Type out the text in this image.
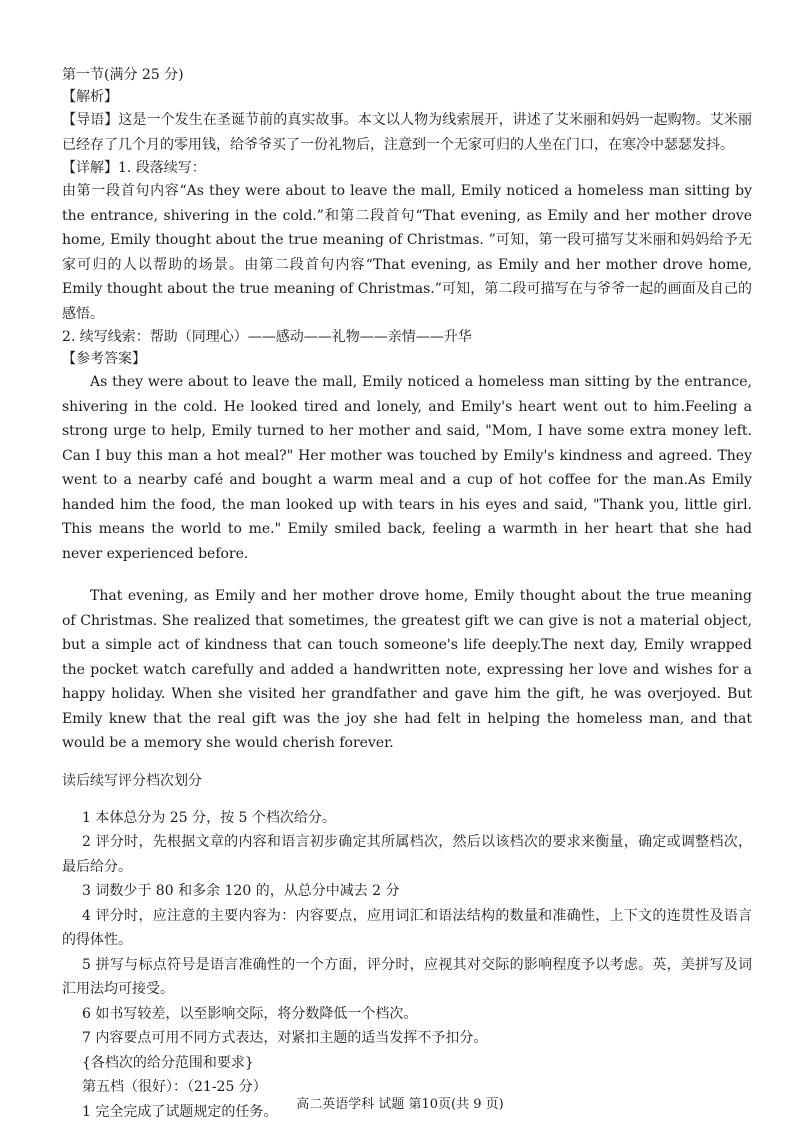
第一节(满分 25 分)

【解析】

【导语】这是一个发生在圣诞节前的真实故事。本文以人物为线索展开，讲述了艾米丽和妈妈一起购物。艾米丽已经存了几个月的零用钱，给爷爷买了一份礼物后，注意到一个无家可归的人坐在门口，在寒冷中瑟瑟发抖。

【详解】1. 段落续写：

由第一段首句内容“As they were about to leave the mall, Emily noticed a homeless man sitting by the entrance, shivering in the cold.”和第二段首句“That evening, as Emily and her mother drove home, Emily thought about the true meaning of Christmas. ”可知，第一段可描写艾米丽和妈妈给予无家可归的人以帮助的场景。由第二段首句内容“That evening, as Emily and her mother drove home, Emily thought about the true meaning of Christmas.”可知，第二段可描写在与爷爷一起的画面及自己的感悟。

2. 续写线索：帮助（同理心）——感动——礼物——亲情——升华

【参考答案】

As they were about to leave the mall, Emily noticed a homeless man sitting by the entrance, shivering in the cold. He looked tired and lonely, and Emily's heart went out to him.Feeling a strong urge to help, Emily turned to her mother and said, "Mom, I have some extra money left. Can I buy this man a hot meal?" Her mother was touched by Emily's kindness and agreed. They went to a nearby café and bought a warm meal and a cup of hot coffee for the man.As Emily handed him the food, the man looked up with tears in his eyes and said, "Thank you, little girl. This means the world to me." Emily smiled back, feeling a warmth in her heart that she had never experienced before.

That evening, as Emily and her mother drove home, Emily thought about the true meaning of Christmas. She realized that sometimes, the greatest gift we can give is not a material object, but a simple act of kindness that can touch someone's life deeply.The next day, Emily wrapped the pocket watch carefully and added a handwritten note, expressing her love and wishes for a happy holiday. When she visited her grandfather and gave him the gift, he was overjoyed. But Emily knew that the real gift was the joy she had felt in helping the homeless man, and that would be a memory she would cherish forever.

读后续写评分档次划分

1 本体总分为 25 分，按 5 个档次给分。

2 评分时，先根据文章的内容和语言初步确定其所属档次，然后以该档次的要求来衡量，确定或调整档次，最后给分。

3 词数少于 80 和多余 120 的，从总分中减去 2 分

4 评分时，应注意的主要内容为：内容要点，应用词汇和语法结构的数量和准确性，上下文的连贯性及语言的得体性。

5 拼写与标点符号是语言准确性的一个方面，评分时，应视其对交际的影响程度予以考虑。英，美拼写及词汇用法均可接受。

6 如书写较差，以至影响交际，将分数降低一个档次。

7 内容要点可用不同方式表达，对紧扣主题的适当发挥不予扣分。

{各档次的给分范围和要求}

第五档（很好）：（21-25 分）

1 完全完成了试题规定的任务。	高二英语学科 试题 第10页(共 9 页)
